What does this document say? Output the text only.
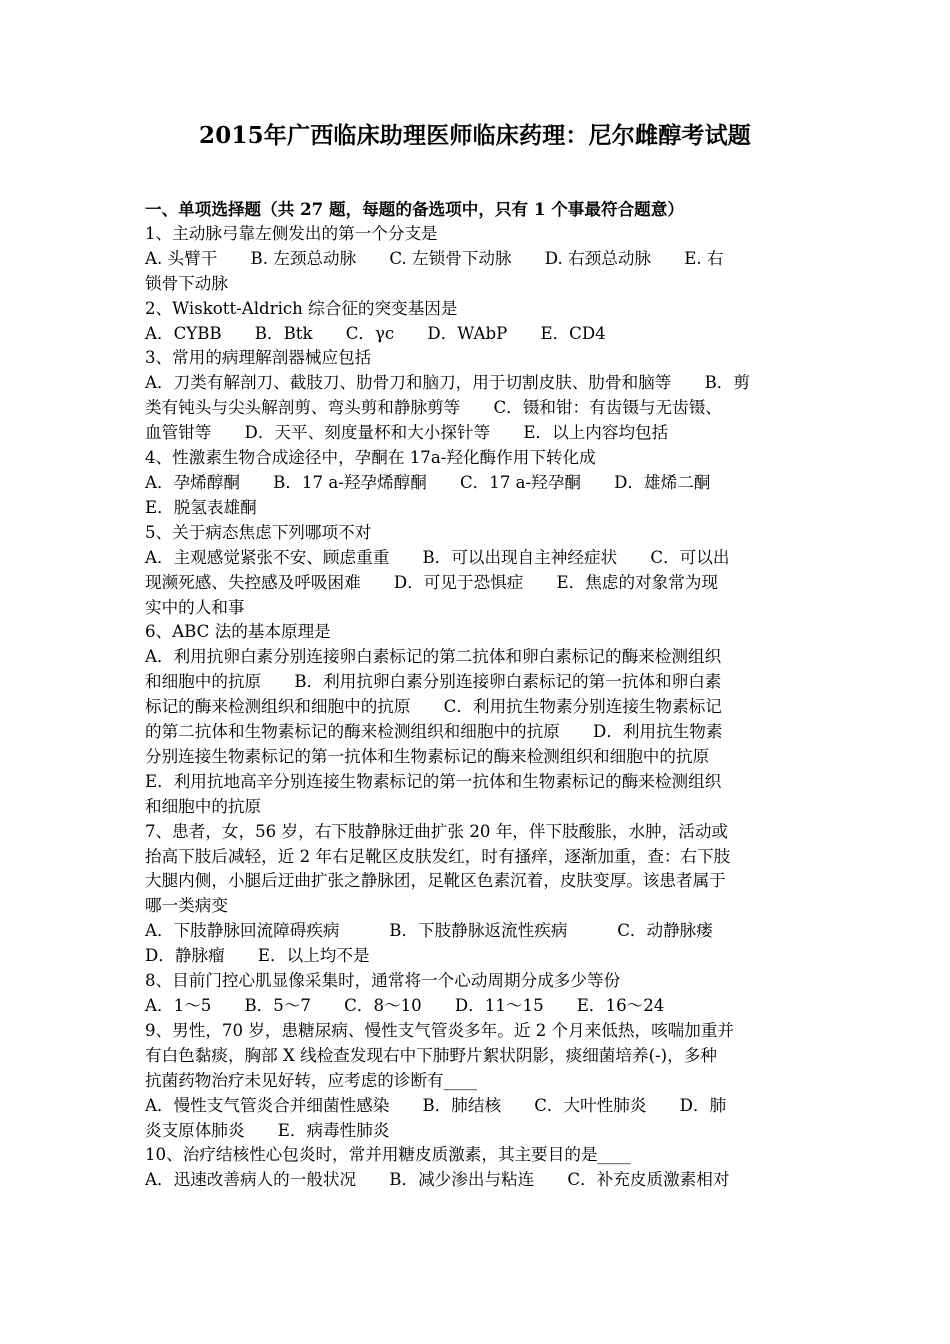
2015年广西临床助理医师临床药理：尼尔雌醇考试题

一、单项选择题（共 27 题，每题的备选项中，只有 1 个事最符合题意）

1、主动脉弓靠左侧发出的第一个分支是

A. 头臂干　　B. 左颈总动脉　　C. 左锁骨下动脉　　D. 右颈总动脉　　E. 右

锁骨下动脉

2、Wiskott-Aldrich 综合征的突变基因是

A．CYBB　　B．Btk　　C．γc　　D．WAbP　　E．CD4

3、常用的病理解剖器械应包括

A．刀类有解剖刀、截肢刀、肋骨刀和脑刀，用于切割皮肤、肋骨和脑等　　B．剪

类有钝头与尖头解剖剪、弯头剪和静脉剪等　　C．镊和钳：有齿镊与无齿镊、

血管钳等　　D．天平、刻度量杯和大小探针等　　E．以上内容均包括

4、性激素生物合成途径中，孕酮在 17a-羟化酶作用下转化成

A．孕烯醇酮　　B．17 a-羟孕烯醇酮　　C．17 a-羟孕酮　　D．雄烯二酮

E．脱氢表雄酮

5、关于病态焦虑下列哪项不对

A．主观感觉紧张不安、顾虑重重　　B．可以出现自主神经症状　　C．可以出

现濒死感、失控感及呼吸困难　　D．可见于恐惧症　　E．焦虑的对象常为现

实中的人和事

6、ABC 法的基本原理是

A．利用抗卵白素分别连接卵白素标记的第二抗体和卵白素标记的酶来检测组织

和细胞中的抗原　　B．利用抗卵白素分别连接卵白素标记的第一抗体和卵白素

标记的酶来检测组织和细胞中的抗原　　C．利用抗生物素分别连接生物素标记

的第二抗体和生物素标记的酶来检测组织和细胞中的抗原　　D．利用抗生物素

分别连接生物素标记的第一抗体和生物素标记的酶来检测组织和细胞中的抗原

E．利用抗地高辛分别连接生物素标记的第一抗体和生物素标记的酶来检测组织

和细胞中的抗原

7、患者，女，56 岁，右下肢静脉迂曲扩张 20 年，伴下肢酸胀，水肿，活动或

抬高下肢后减轻，近 2 年右足靴区皮肤发红，时有搔痒，逐渐加重，查：右下肢

大腿内侧，小腿后迂曲扩张之静脉团，足靴区色素沉着，皮肤变厚。该患者属于

哪一类病变

A．下肢静脉回流障碍疾病　　　B．下肢静脉返流性疾病　　　C．动静脉瘘

D．静脉瘤　　E．以上均不是

8、目前门控心肌显像采集时，通常将一个心动周期分成多少等份

A．1～5　　B．5～7　　C．8～10　　D．11～15　　E．16～24

9、男性，70 岁，患糖尿病、慢性支气管炎多年。近 2 个月来低热，咳喘加重并

有白色黏痰，胸部 X 线检查发现右中下肺野片絮状阴影，痰细菌培养(-)，多种

抗菌药物治疗未见好转，应考虑的诊断有____

A．慢性支气管炎合并细菌性感染　　B．肺结核　　C．大叶性肺炎　　D．肺

炎支原体肺炎　　E．病毒性肺炎

10、治疗结核性心包炎时，常并用糖皮质激素，其主要目的是____

A．迅速改善病人的一般状况　　B．减少渗出与粘连　　C．补充皮质激素相对
